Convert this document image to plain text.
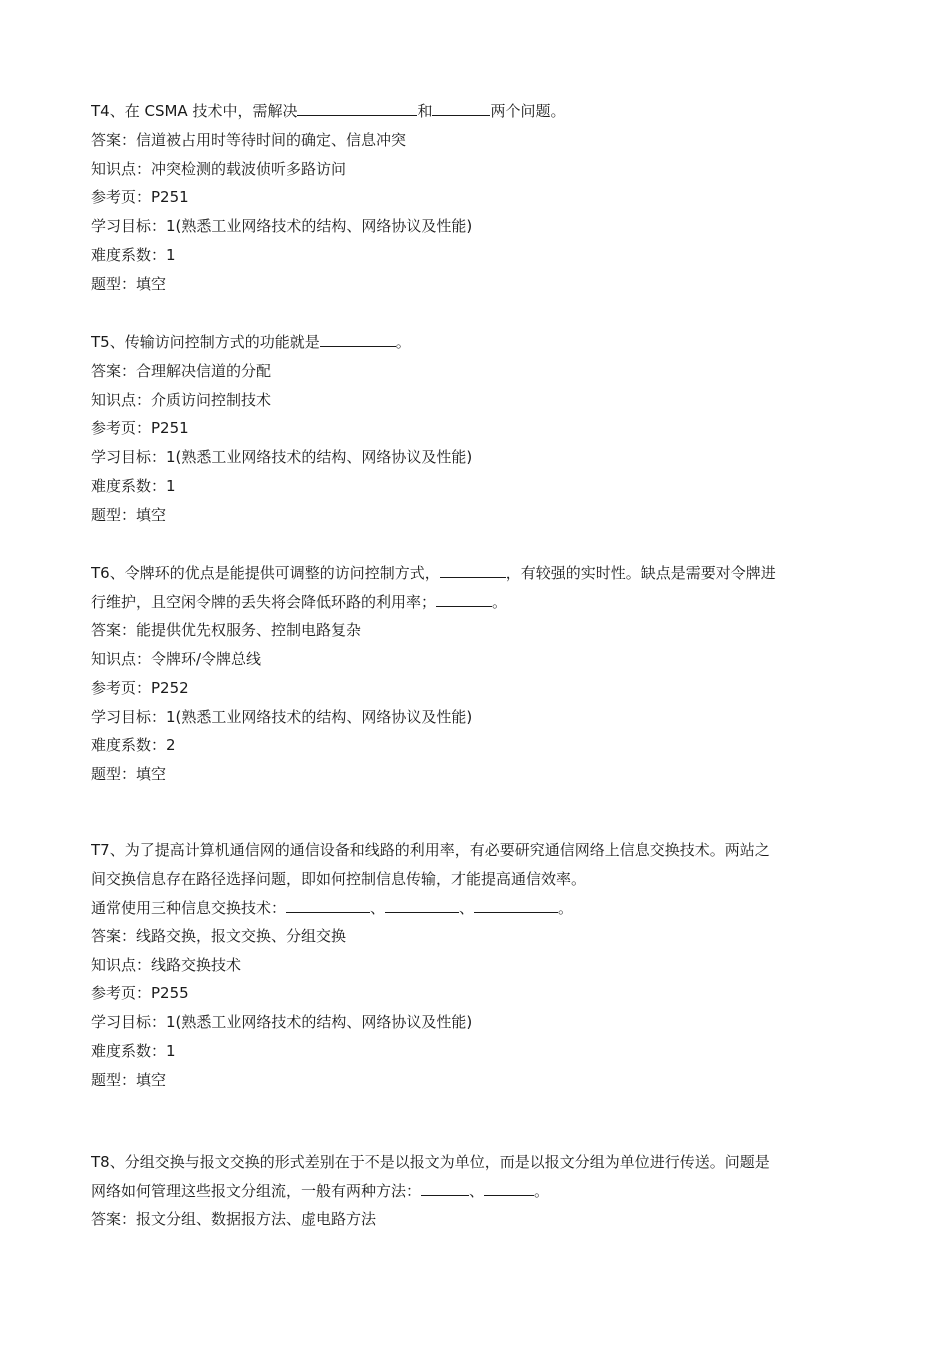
T4、在 CSMA 技术中，需解决	和	两个问题。
答案：信道被占用时等待时间的确定、信息冲突
知识点：冲突检测的载波侦听多路访问
参考页：P251
学习目标：1(熟悉工业网络技术的结构、网络协议及性能)
难度系数：1
题型：填空
T5、传输访问控制方式的功能就是	。
答案：合理解决信道的分配
知识点：介质访问控制技术
参考页：P251
学习目标：1(熟悉工业网络技术的结构、网络协议及性能)
难度系数：1
题型：填空
T6、令牌环的优点是能提供可调整的访问控制方式，	，有较强的实时性。缺点是需要对令牌进
行维护，且空闲令牌的丢失将会降低环路的利用率；	。
答案：能提供优先权服务、控制电路复杂
知识点：令牌环/令牌总线
参考页：P252
学习目标：1(熟悉工业网络技术的结构、网络协议及性能)
难度系数：2
题型：填空
T7、为了提高计算机通信网的通信设备和线路的利用率，有必要研究通信网络上信息交换技术。两站之
间交换信息存在路径选择问题，即如何控制信息传输，才能提高通信效率。
通常使用三种信息交换技术：	、	、	。
答案：线路交换，报文交换、分组交换
知识点：线路交换技术
参考页：P255
学习目标：1(熟悉工业网络技术的结构、网络协议及性能)
难度系数：1
题型：填空
T8、分组交换与报文交换的形式差别在于不是以报文为单位，而是以报文分组为单位进行传送。问题是
网络如何管理这些报文分组流，一般有两种方法：	、	。
答案：报文分组、数据报方法、虚电路方法
